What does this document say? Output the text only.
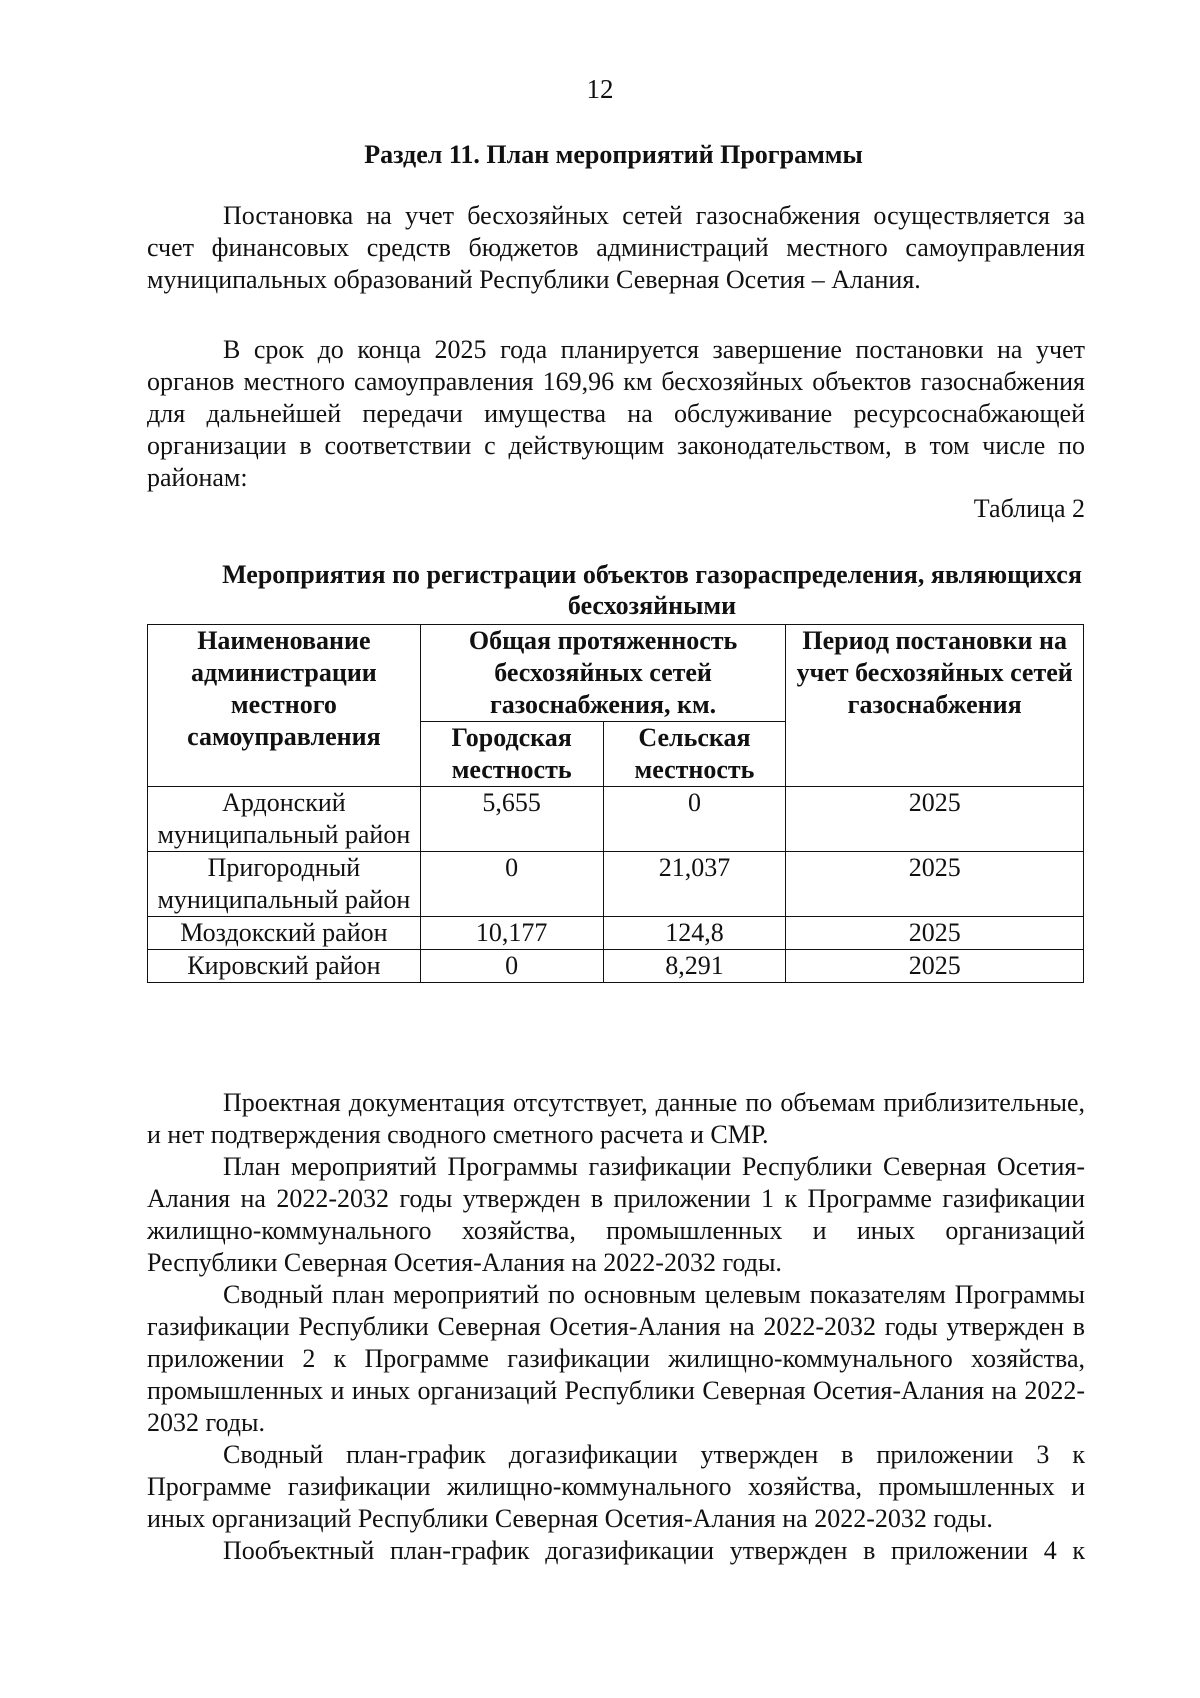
12
Раздел 11. План мероприятий Программы

Постановка на учет бесхозяйных сетей газоснабжения осуществляется за счет финансовых средств бюджетов администраций местного самоуправления муниципальных образований Республики Северная Осетия – Алания.

В срок до конца 2025 года планируется завершение постановки на учет органов местного самоуправления 169,96 км бесхозяйных объектов газоснабжения для дальнейшей передачи имущества на обслуживание ресурсоснабжающей организации в соответствии с действующим законодательством, в том числе по районам:

Таблица 2
Мероприятия по регистрации объектов газораспределения, являющихся бесхозяйными
Наименование администрации местного самоуправления	Общая протяженность бесхозяйных сетей газоснабжения, км.		Период постановки на учет бесхозяйных сетей газоснабжения
	Городская местность	Сельская местность	
Ардонский муниципальный район	5,655	0	2025
Пригородный муниципальный район	0	21,037	2025
Моздокский район	10,177	124,8	2025
Кировский район	0	8,291	2025

Проектная документация отсутствует, данные по объемам приблизительные, и нет подтверждения сводного сметного расчета и СМР.

План мероприятий Программы газификации Республики Северная Осетия-Алания на 2022-2032 годы утвержден в приложении 1 к Программе газификации жилищно-коммунального хозяйства, промышленных и иных организаций Республики Северная Осетия-Алания на 2022-2032 годы.

Сводный план мероприятий по основным целевым показателям Программы газификации Республики Северная Осетия-Алания на 2022-2032 годы утвержден в приложении 2 к Программе газификации жилищно-коммунального хозяйства, промышленных и иных организаций Республики Северная Осетия-Алания на 2022-2032 годы.

Сводный план-график догазификации утвержден в приложении 3 к Программе газификации жилищно-коммунального хозяйства, промышленных и иных организаций Республики Северная Осетия-Алания на 2022-2032 годы.

Пообъектный план-график догазификации утвержден в приложении 4 к
